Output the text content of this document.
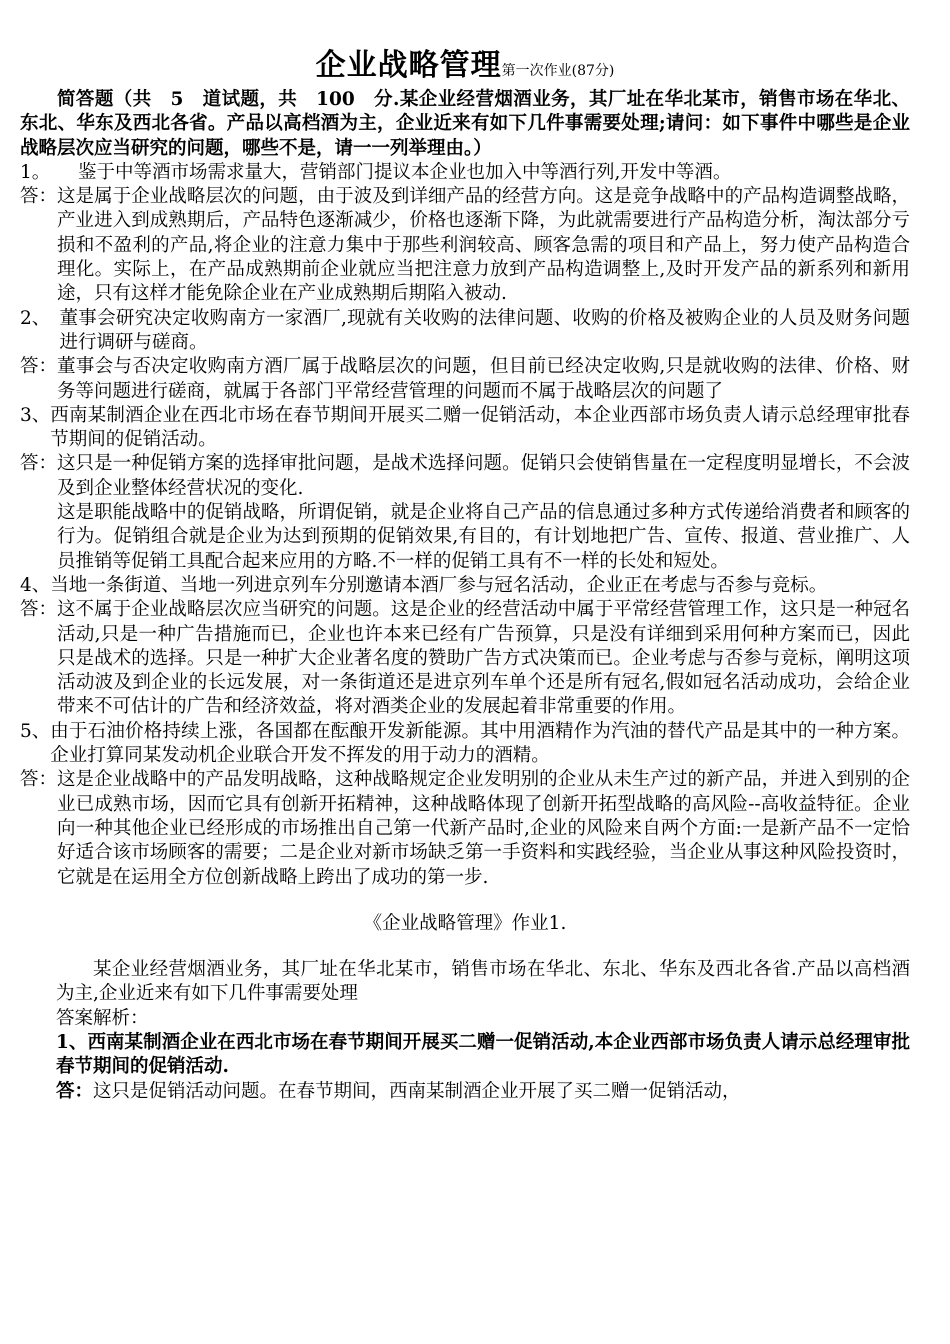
企业战略管理第一次作业(87分)
简答题（共　5　道试题，共　100　分.某企业经营烟酒业务，其厂址在华北某市，销售市场在华北、东北、华东及西北各省。产品以高档酒为主，企业近来有如下几件事需要处理;请问：如下事件中哪些是企业战略层次应当研究的问题，哪些不是，请一一列举理由。）
1。　　 鉴于中等酒市场需求量大，营销部门提议本企业也加入中等酒行列,开发中等酒。
答： 这是属于企业战略层次的问题，由于波及到详细产品的经营方向。这是竞争战略中的产品构造调整战略，产业进入到成熟期后，产品特色逐渐减少，价格也逐渐下降，为此就需要进行产品构造分析，淘汰部分亏损和不盈利的产品,将企业的注意力集中于那些利润较高、顾客急需的项目和产品上，努力使产品构造合理化。实际上，在产品成熟期前企业就应当把注意力放到产品构造调整上,及时开发产品的新系列和新用途，只有这样才能免除企业在产业成熟期后期陷入被动.

2、　 董事会研究决定收购南方一家酒厂,现就有关收购的法律问题、收购的价格及被购企业的人员及财务问题进行调研与磋商。
答： 董事会与否决定收购南方酒厂属于战略层次的问题，但目前已经决定收购,只是就收购的法律、价格、财务等问题进行磋商，就属于各部门平常经营管理的问题而不属于战略层次的问题了

3、 西南某制酒企业在西北市场在春节期间开展买二赠一促销活动，本企业西部市场负责人请示总经理审批春节期间的促销活动。
答： 这只是一种促销方案的选择审批问题，是战术选择问题。促销只会使销售量在一定程度明显增长，不会波及到企业整体经营状况的变化.

这是职能战略中的促销战略，所谓促销，就是企业将自己产品的信息通过多种方式传递给消费者和顾客的行为。促销组合就是企业为达到预期的促销效果,有目的，有计划地把广告、宣传、报道、营业推广、人员推销等促销工具配合起来应用的方略.不一样的促销工具有不一样的长处和短处。

4、 当地一条街道、当地一列进京列车分别邀请本酒厂参与冠名活动，企业正在考虑与否参与竞标。
答： 这不属于企业战略层次应当研究的问题。这是企业的经营活动中属于平常经营管理工作，这只是一种冠名活动,只是一种广告措施而已，企业也许本来已经有广告预算，只是没有详细到采用何种方案而已，因此只是战术的选择。只是一种扩大企业著名度的赞助广告方式决策而已。企业考虑与否参与竞标，阐明这项活动波及到企业的长远发展，对一条街道还是进京列车单个还是所有冠名,假如冠名活动成功，会给企业带来不可估计的广告和经济效益，将对酒类企业的发展起着非常重要的作用。

5、 由于石油价格持续上涨，各国都在酝酿开发新能源。其中用酒精作为汽油的替代产品是其中的一种方案。企业打算同某发动机企业联合开发不挥发的用于动力的酒精。
答： 这是企业战略中的产品发明战略，这种战略规定企业发明别的企业从未生产过的新产品，并进入到别的企业已成熟市场，因而它具有创新开拓精神，这种战略体现了创新开拓型战略的高风险--高收益特征。企业向一种其他企业已经形成的市场推出自己第一代新产品时,企业的风险来自两个方面:一是新产品不一定恰好适合该市场顾客的需要；二是企业对新市场缺乏第一手资料和实践经验，当企业从事这种风险投资时，它就是在运用全方位创新战略上跨出了成功的第一步.

《企业战略管理》作业1.
某企业经营烟酒业务，其厂址在华北某市，销售市场在华北、东北、华东及西北各省.产品以高档酒为主,企业近来有如下几件事需要处理
答案解析：
1、西南某制酒企业在西北市场在春节期间开展买二赠一促销活动,本企业西部市场负责人请示总经理审批春节期间的促销活动.
答：这只是促销活动问题。在春节期间，西南某制酒企业开展了买二赠一促销活动，
